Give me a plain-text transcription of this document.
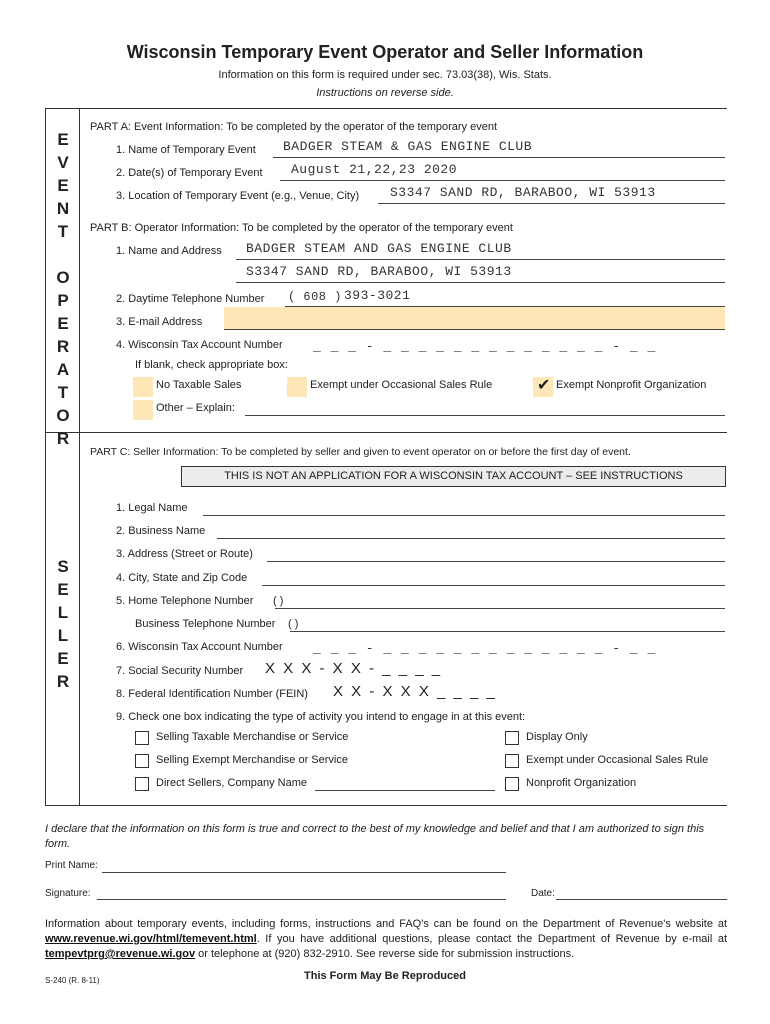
Wisconsin Temporary Event Operator and Seller Information
Information on this form is required under sec. 73.03(38), Wis. Stats.
Instructions on reverse side.
E
V
E
N
T

O
P
E
R
A
T
O
R
S
E
L
L
E
R
PART A: Event Information: To be completed by the operator of the temporary event
1. Name of Temporary Event BADGER STEAM & GAS ENGINE CLUB
2. Date(s) of Temporary Event August 21,22,23 2020
3. Location of Temporary Event (e.g., Venue, City) S3347 SAND RD, BARABOO, WI 53913
PART B: Operator Information: To be completed by the operator of the temporary event
1. Name and Address BADGER STEAM AND GAS ENGINE CLUB
S3347 SAND RD, BARABOO, WI 53913
2. Daytime Telephone Number ( 608 ) 393-3021
3. E-mail Address
4. Wisconsin Tax Account Number _ _ _ - _ _ _ _ _ _ _ _ _ _ _ _ _ - _ _
If blank, check appropriate box:
No Taxable Sales	Exempt under Occasional Sales Rule	✔ Exempt Nonprofit Organization
Other – Explain:
PART C: Seller Information: To be completed by seller and given to event operator on or before the first day of event.
THIS IS NOT AN APPLICATION FOR A WISCONSIN TAX ACCOUNT – SEE INSTRUCTIONS
1. Legal Name
2. Business Name
3. Address (Street or Route)
4. City, State and Zip Code
5. Home Telephone Number ( )
Business Telephone Number ( )
6. Wisconsin Tax Account Number _ _ _ - _ _ _ _ _ _ _ _ _ _ _ _ _ - _ _
7. Social Security Number X X X - X X - _ _ _ _
8. Federal Identification Number (FEIN) X X - X X X _ _ _ _
9. Check one box indicating the type of activity you intend to engage in at this event:
Selling Taxable Merchandise or Service	Display Only
Selling Exempt Merchandise or Service	Exempt under Occasional Sales Rule
Direct Sellers, Company Name	Nonprofit Organization
I declare that the information on this form is true and correct to the best of my knowledge and belief and that I am authorized to sign this form.
Print Name:
Signature:	Date:
Information about temporary events, including forms, instructions and FAQ's can be found on the Department of Revenue's website at www.revenue.wi.gov/html/temevent.html. If you have additional questions, please contact the Department of Revenue by e-mail at tempevtprg@revenue.wi.gov or telephone at (920) 832-2910. See reverse side for submission instructions.
S-240 (R. 8-11)	This Form May Be Reproduced
